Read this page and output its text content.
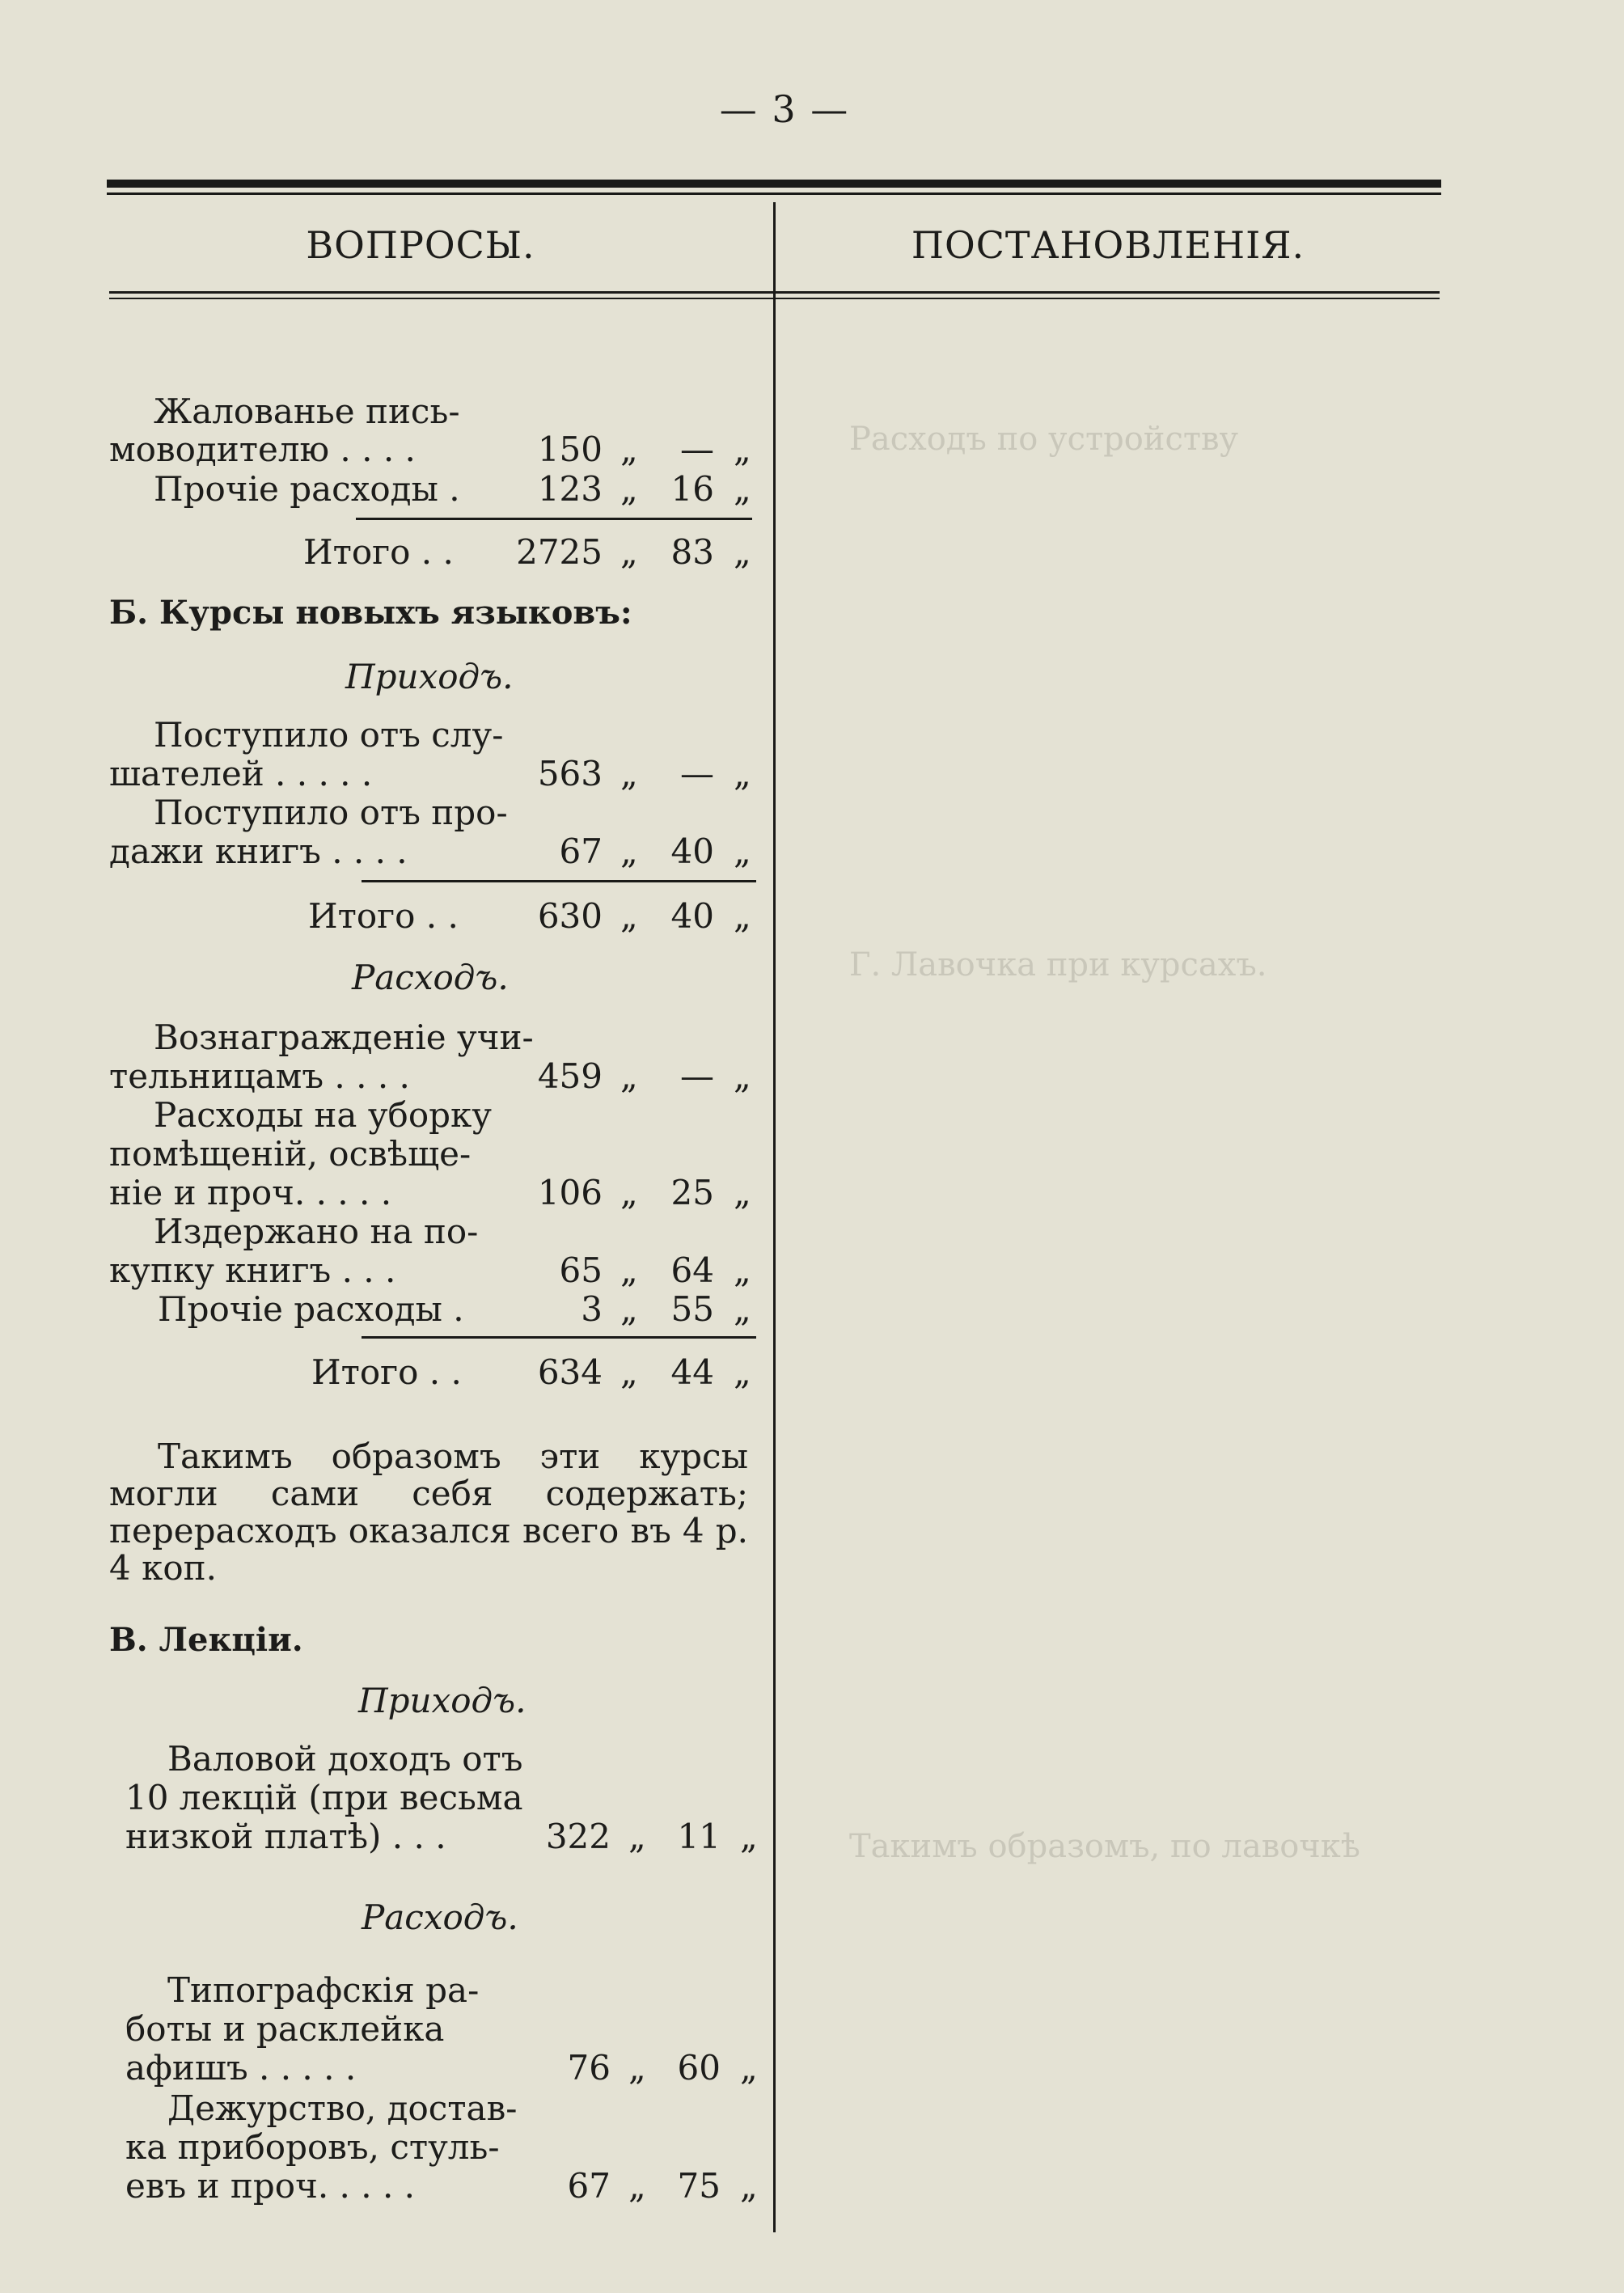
— 3 —
ВОПРОСЫ.	ПОСТАНОВЛЕНІЯ.
Расходъ по устройству
Г. Лавочка при курсахъ.
Такимъ образомъ, по лавочкѣ
Жалованье пись-
моводителю . . . .	150 „	— „
Прочіе расходы .	123 „ 16 „
Итого . . 2725 „ 83 „
Б. Курсы новыхъ языковъ:
Приходъ.
Поступило отъ слу-
шателей . . . . .	563 „	— „
Поступило отъ про-
дажи книгъ . . . .	67 „ 40 „
Итого . .	630 „ 40 „
Расходъ.
Вознагражденіе учи-
тельницамъ . . . .	459 „	— „
Расходы на уборку
помѣщеній, освѣще-
ніе и проч. . . . .	106 „ 25 „
Издержано на по-
купку книгъ . . .	65 „ 64 „
Прочіе расходы .	3 „ 55 „
Итого . .	634 „ 44 „
Такимъ образомъ эти курсы могли сами себя содержать; перерасходъ оказался всего въ 4 р. 4 коп.
В. Лекціи.
Приходъ.
Валовой доходъ отъ
10 лекцій (при весьма
низкой платѣ) . . .	322 „ 11 „
Расходъ.
Типографскія ра-
боты и расклейка
афишъ . . . . .	76 „ 60 „
Дежурство, достав-
ка приборовъ, стуль-
евъ и проч. . . . .	67 „ 75 „
